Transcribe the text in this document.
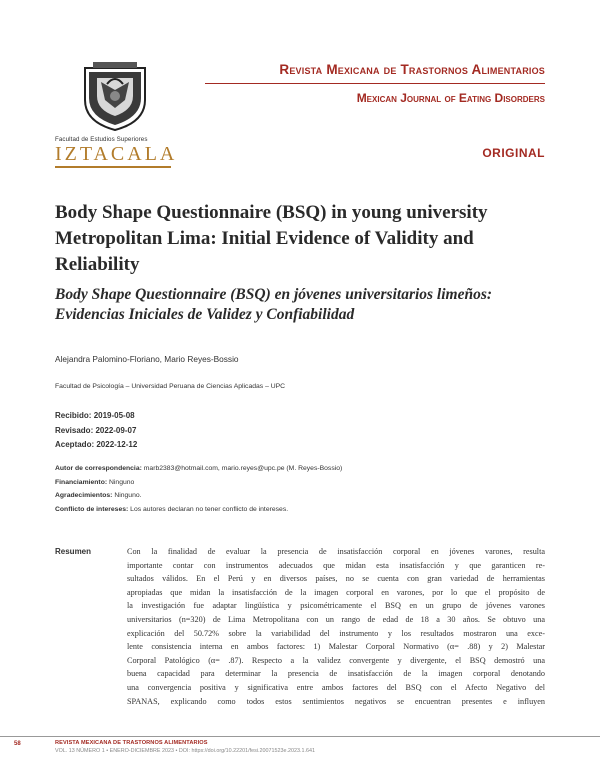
Facultad de Estudios Superiores
IZTACALA
Revista Mexicana de Trastornos Alimentarios
Mexican Journal of Eating Disorders
ORIGINAL
Body Shape Questionnaire (BSQ) in young university Metropolitan Lima: Initial Evidence of Validity and Reliability
Body Shape Questionnaire (BSQ) en jóvenes universitarios limeños: Evidencias Iniciales de Validez y Confiabilidad
Alejandra Palomino-Floriano, Mario Reyes-Bossio
Facultad de Psicología – Universidad Peruana de Ciencias Aplicadas – UPC
Recibido: 2019-05-08
Revisado: 2022-09-07
Aceptado: 2022-12-12
Autor de correspondencia: marb2383@hotmail.com, mario.reyes@upc.pe (M. Reyes-Bossio)
Financiamiento: Ninguno
Agradecimientos: Ninguno.
Conflicto de intereses: Los autores declaran no tener conflicto de intereses.
Resumen	Con la finalidad de evaluar la presencia de insatisfacción corporal en jóvenes varones, resulta
importante contar con instrumentos adecuados que midan esta insatisfacción y que garanticen re-
sultados válidos. En el Perú y en diversos países, no se cuenta con gran variedad de herramientas
apropiadas que midan la insatisfacción de la imagen corporal en varones, por lo que el propósito de
la investigación fue adaptar lingüística y psicométricamente el BSQ en un grupo de jóvenes varones
universitarios (n=320) de Lima Metropolitana con un rango de edad de 18 a 30 años. Se obtuvo una
explicación del 50.72% sobre la variabilidad del instrumento y los resultados mostraron una exce-
lente consistencia interna en ambos factores: 1) Malestar Corporal Normativo (α= .88) y 2) Malestar
Corporal Patológico (α= .87). Respecto a la validez convergente y divergente, el BSQ demostró una
buena capacidad para determinar la presencia de insatisfacción de la imagen corporal denotando
una convergencia positiva y significativa entre ambos factores del BSQ con el Afecto Negativo del
SPANAS, explicando como todos estos sentimientos negativos se encuentran presentes e influyen
58	REVISTA MEXICANA DE TRASTORNOS ALIMENTARIOS
VOL. 13 NÚMERO 1 • ENERO-DICIEMBRE 2023 • DOI: https://doi.org/10.22201/fesi.20071523e.2023.1.641
